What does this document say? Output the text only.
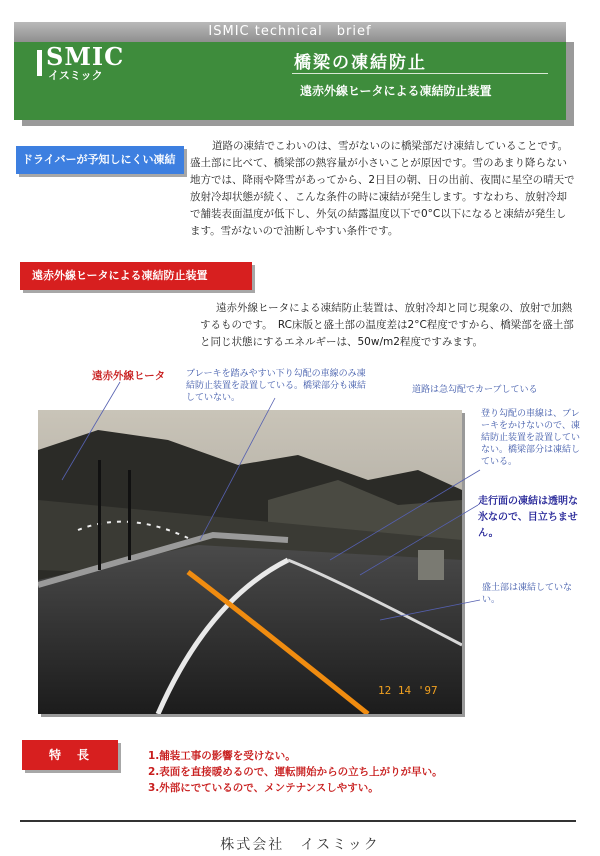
ISMIC technical　brief
SMIC
イスミック
橋梁の凍結防止
遠赤外線ヒータによる凍結防止装置
ドライバーが予知しにくい凍結
道路の凍結でこわいのは、雪がないのに橋梁部だけ凍結していることです。盛土部に比べて、橋梁部の熱容量が小さいことが原因です。雪のあまり降らない地方では、降雨や降雪があってから、2日目の朝、日の出前、夜間に星空の晴天で放射冷却状態が続く、こんな条件の時に凍結が発生します。すなわち、放射冷却で舗装表面温度が低下し、外気の結露温度以下で0°C以下になると凍結が発生します。雪がないので油断しやすい条件です。
遠赤外線ヒータによる凍結防止装置
遠赤外線ヒータによる凍結防止装置は、放射冷却と同じ現象の、放射で加熱するものです。　RC床版と盛土部の温度差は2°C程度ですから、橋梁部を盛土部と同じ状態にするエネルギーは、50w/m2程度ですみます。
遠赤外線ヒータ ブレーキを踏みやすい下り勾配の車線のみ凍結防止装置を設置している。橋梁部分も凍結していない。
道路は急勾配でカーブしている
登り勾配の車線は、ブレーキをかけないので、凍結防止装置を設置していない。橋梁部分は凍結している。
走行面の凍結は透明な氷なので、目立ちません。
盛土部は凍結していない。
12 14 '97
特　長	1.舗装工事の影響を受けない。
2.表面を直接暖めるので、運転開始からの立ち上がりが早い。
3.外部にでているので、メンテナンスしやすい。
株式会社　イスミック
